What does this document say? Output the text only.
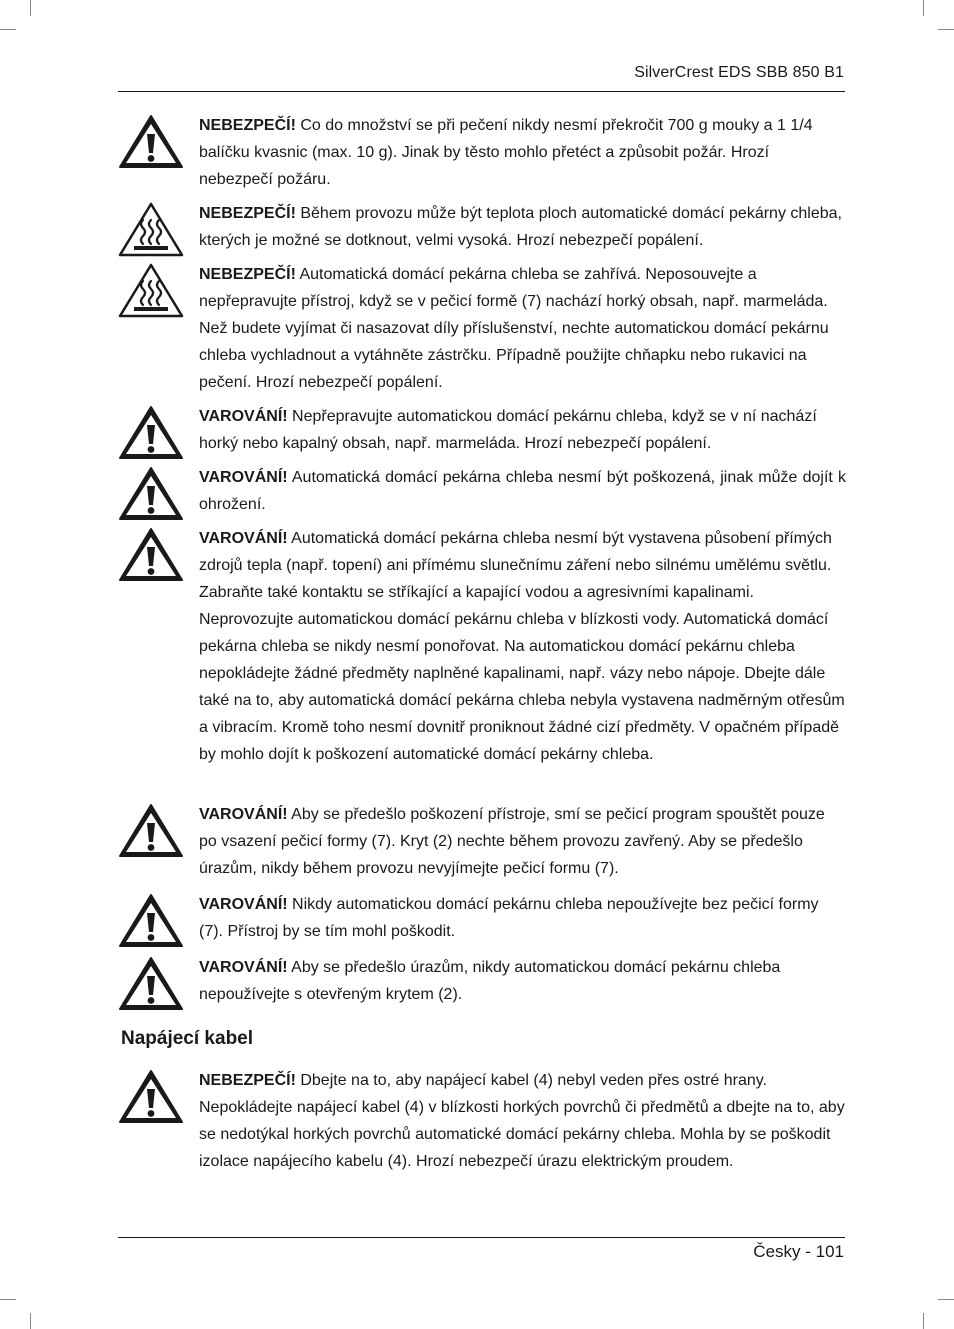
SilverCrest EDS SBB 850 B1
NEBEZPEČÍ! Co do množství se při pečení nikdy nesmí překročit 700 g mouky a 1 1/4 balíčku kvasnic (max. 10 g). Jinak by těsto mohlo přetéct a způsobit požár. Hrozí nebezpečí požáru.
NEBEZPEČÍ! Během provozu může být teplota ploch automatické domácí pekárny chleba, kterých je možné se dotknout, velmi vysoká. Hrozí nebezpečí popálení.
NEBEZPEČÍ! Automatická domácí pekárna chleba se zahřívá. Neposouvejte a nepřepravujte přístroj, když se v pečicí formě (7) nachází horký obsah, např. marmeláda. Než budete vyjímat či nasazovat díly příslušenství, nechte automatickou domácí pekárnu chleba vychladnout a vytáhněte zástrčku. Případně použijte chňapku nebo rukavici na pečení. Hrozí nebezpečí popálení.
VAROVÁNÍ! Nepřepravujte automatickou domácí pekárnu chleba, když se v ní nachází horký nebo kapalný obsah, např. marmeláda. Hrozí nebezpečí popálení.
VAROVÁNÍ! Automatická domácí pekárna chleba nesmí být poškozená, jinak může dojít k ohrožení.
VAROVÁNÍ! Automatická domácí pekárna chleba nesmí být vystavena působení přímých zdrojů tepla (např. topení) ani přímému slunečnímu záření nebo silnému umělému světlu. Zabraňte také kontaktu se stříkající a kapající vodou a agresivními kapalinami. Neprovozujte automatickou domácí pekárnu chleba v blízkosti vody. Automatická domácí pekárna chleba se nikdy nesmí ponořovat. Na automatickou domácí pekárnu chleba nepokládejte žádné předměty naplněné kapalinami, např. vázy nebo nápoje. Dbejte dále také na to, aby automatická domácí pekárna chleba nebyla vystavena nadměrným otřesům a vibracím. Kromě toho nesmí dovnitř proniknout žádné cizí předměty. V opačném případě by mohlo dojít k poškození automatické domácí pekárny chleba.
VAROVÁNÍ! Aby se předešlo poškození přístroje, smí se pečicí program spouštět pouze po vsazení pečicí formy (7). Kryt (2) nechte během provozu zavřený. Aby se předešlo úrazům, nikdy během provozu nevyjímejte pečicí formu (7).
VAROVÁNÍ! Nikdy automatickou domácí pekárnu chleba nepoužívejte bez pečicí formy (7). Přístroj by se tím mohl poškodit.
VAROVÁNÍ! Aby se předešlo úrazům, nikdy automatickou domácí pekárnu chleba nepoužívejte s otevřeným krytem (2).
Napájecí kabel
NEBEZPEČÍ! Dbejte na to, aby napájecí kabel (4) nebyl veden přes ostré hrany. Nepokládejte napájecí kabel (4) v blízkosti horkých povrchů či předmětů a dbejte na to, aby se nedotýkal horkých povrchů automatické domácí pekárny chleba. Mohla by se poškodit izolace napájecího kabelu (4). Hrozí nebezpečí úrazu elektrickým proudem.
Česky - 101
